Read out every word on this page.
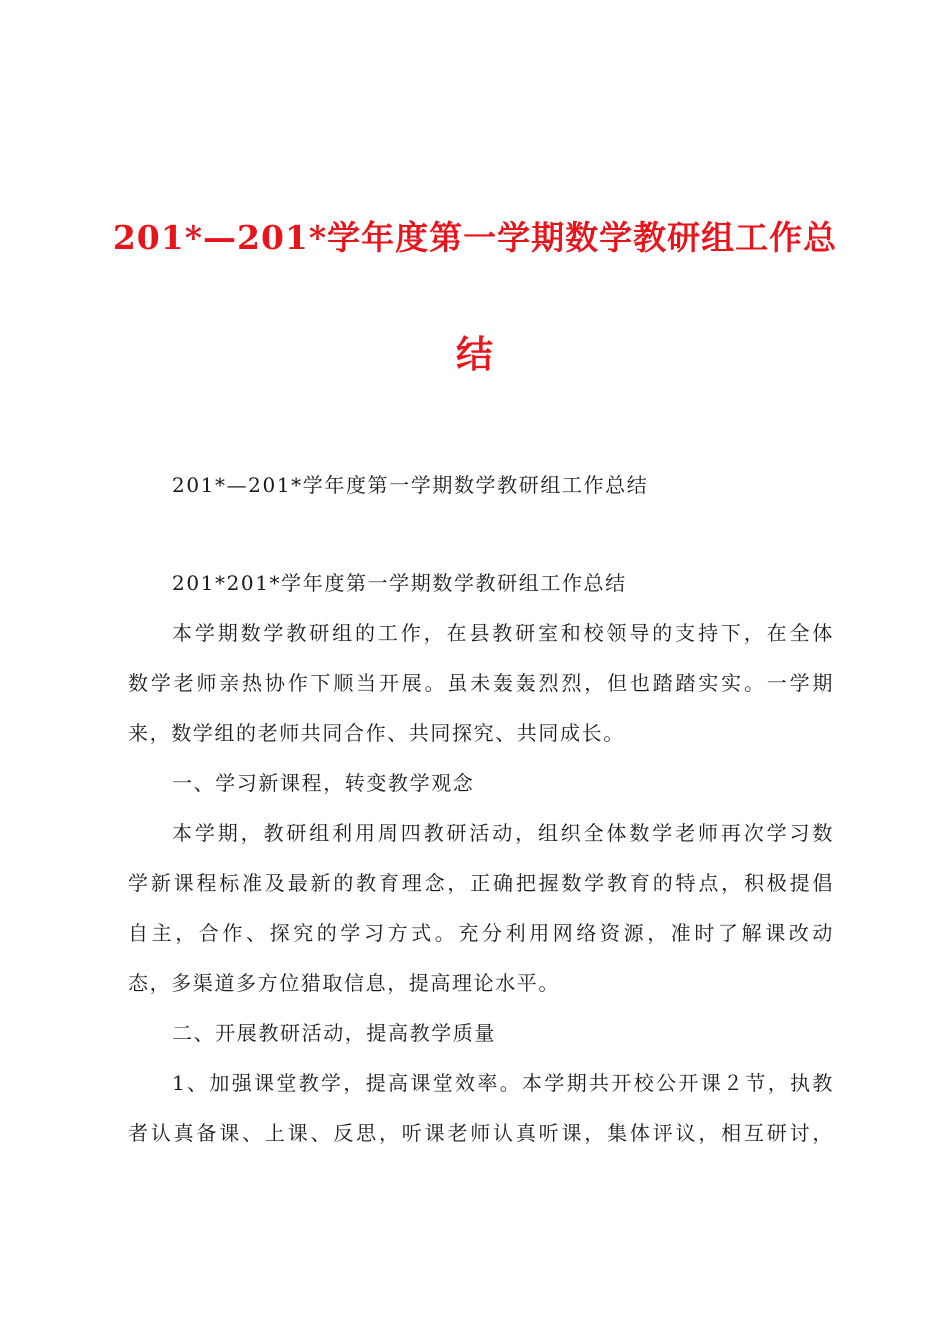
201*—201*学年度第一学期数学教研组工作总
结
201*—201*学年度第一学期数学教研组工作总结
201*201*学年度第一学期数学教研组工作总结
本学期数学教研组的工作，在县教研室和校领导的支持下，在全体
数学老师亲热协作下顺当开展。虽未轰轰烈烈，但也踏踏实实。一学期
来，数学组的老师共同合作、共同探究、共同成长。
一、学习新课程，转变教学观念
本学期，教研组利用周四教研活动，组织全体数学老师再次学习数
学新课程标准及最新的教育理念，正确把握数学教育的特点，积极提倡
自主，合作、探究的学习方式。充分利用网络资源，准时了解课改动
态，多渠道多方位猎取信息，提高理论水平。
二、开展教研活动，提高教学质量
1、加强课堂教学，提高课堂效率。本学期共开校公开课２节，执教
者认真备课、上课、反思，听课老师认真听课，集体评议，相互研讨，
